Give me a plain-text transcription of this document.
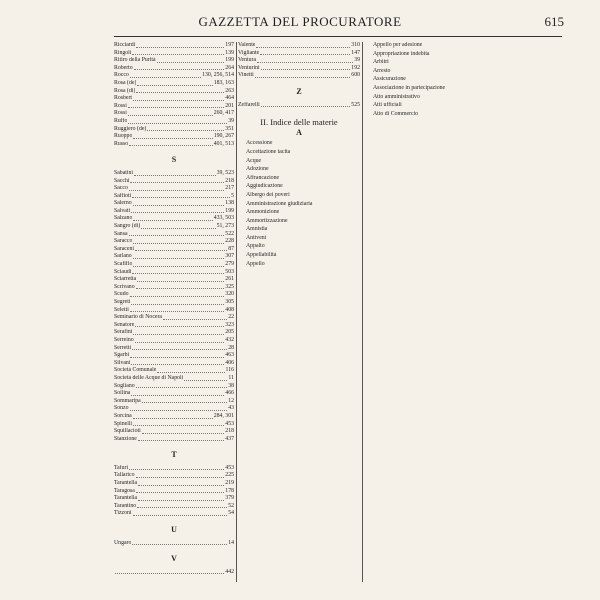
GAZZETTA DEL PROCURATORE	615
Ricciardi	197
Ringoli	139
Ritiro della Purità	199
Roberto	264
Rocco	130, 256, 514
Rosa (de)	183, 163
Rosa (di)	263
Rosbert	464
Rossi	201
Rossi	260, 417
Ruffo	39
Ruggiero (de)	351
Ruoppo	190, 267
Russo	401, 513
S
Sabatini	39, 523
Sacchi	218
Sacco	217
Saffioti	5
Salerno	138
Salvati	199
Salzano	433, 503
Sangro (di)	51, 273
Sansa	522
Saracco	228
Saraceni	87
Sarlano	307
Scafiflo	279
Sciaudi	503
Sciarretta	261
Scrivano	325
Scudo	320
Segreti	305
Seletti	408
Seminario di Nocera	22
Senatore	323
Serafini	205
Serreino	432
Serretti	28
Sgarbi	463
Silvani	406
Società Comunale	116
Società delle Acque di Napoli	11
Sogliano	38
Sollina	466
Sommaripa	12
Sonzo	43
Sorcina	284, 301
Spinelli	453
Squillacioti	218
Stanzione	437
T
Tafuri	453
Tallarico	225
Tarantella	219
Taragosa	178
Tarantella	379
Tarantino	52
Tizzoni	54
U
Ungaro	14
V
442
Valente	310
Vigliante	147
Ventura	39
Venturini	192
Vinetti	600
Z
Zeffarelli	525
II. Indice delle materie
A
Accessione
Accettazione tacita
Acque
Adozione
Affrancazione
Aggiudicazione
Albergo dei poveri
Amministrazione giudiziaria
Ammonizione
Ammortizzazione
Amnistia
Antiveni
Appalto
Appellabilità
Appello
Appello per adesione
Appropriazione indebita
Arbitri
Arresto
Assicurazione
Associazione in partecipazione
Atto amministrativo
Atti ufficiali
Atto di Commercio
